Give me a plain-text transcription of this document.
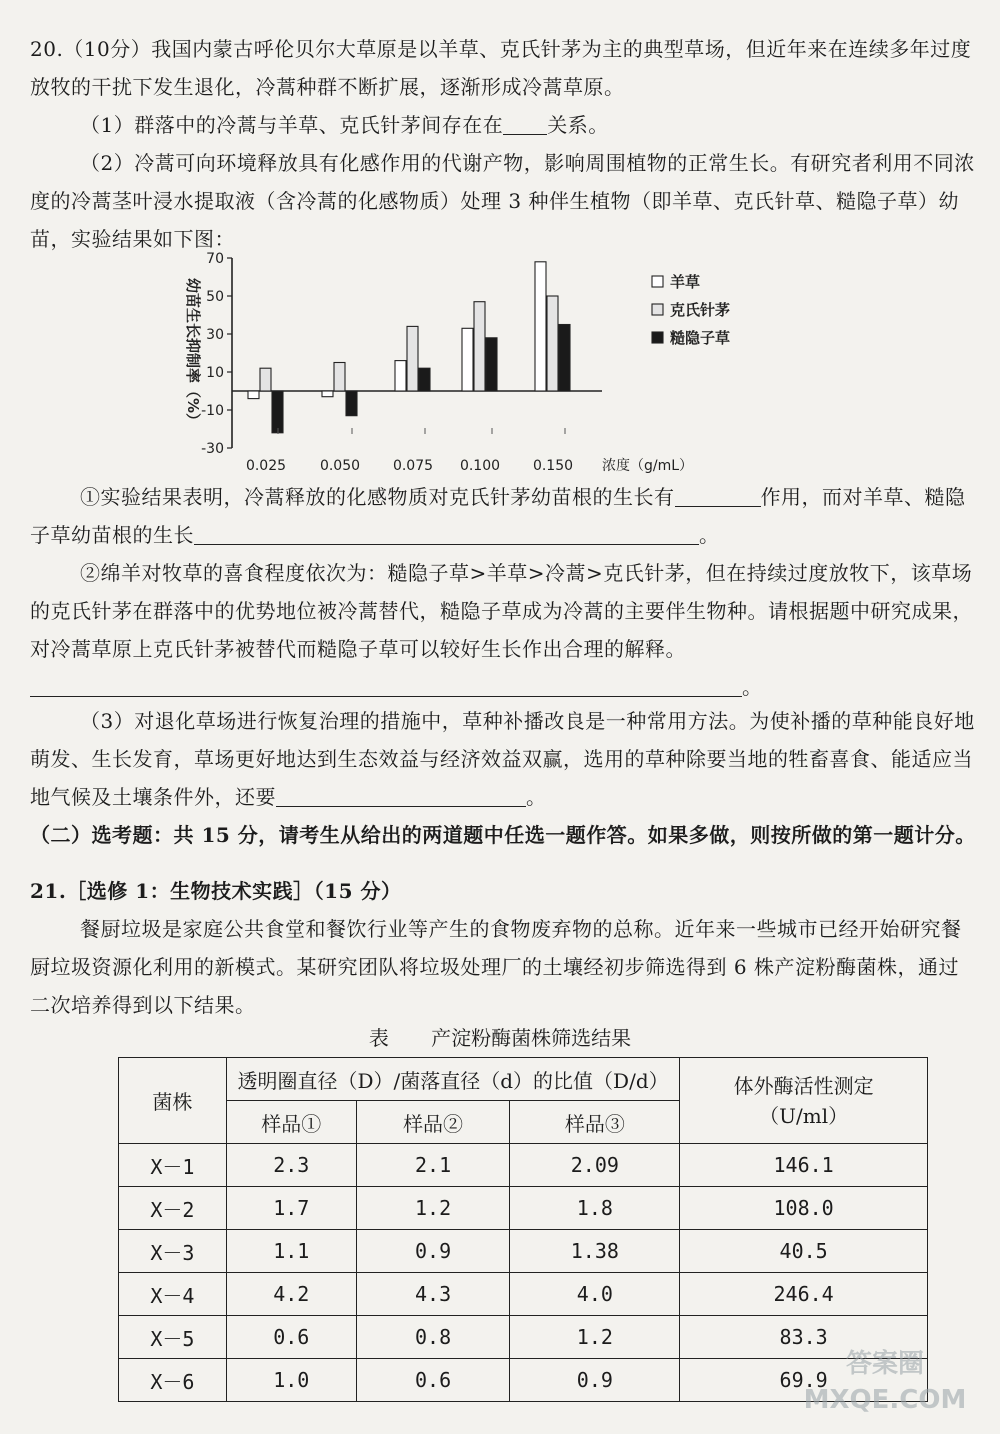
20.（10分）我国内蒙古呼伦贝尔大草原是以羊草、克氏针茅为主的典型草场，但近年来在连续多年过度放牧的干扰下发生退化，冷蒿种群不断扩展，逐渐形成冷蒿草原。
（1）群落中的冷蒿与羊草、克氏针茅间存在在 关系。
（2）冷蒿可向环境释放具有化感作用的代谢产物，影响周围植物的正常生长。有研究者利用不同浓度的冷蒿茎叶浸水提取液（含冷蒿的化感物质）处理 3 种伴生植物（即羊草、克氏针草、糙隐子草）幼苗，实验结果如下图：
70
50
30
10
-10
-30
幼苗生长抑制率（%）
0.025 0.050 0.075 0.100 0.150 浓度（g/mL）
羊草
克氏针茅
糙隐子草
①实验结果表明，冷蒿释放的化感物质对克氏针茅幼苗根的生长有	作用，而对羊草、糙隐子草幼苗根的生长	。
②绵羊对牧草的喜食程度依次为：糙隐子草>羊草>冷蒿>克氏针茅，但在持续过度放牧下，该草场的克氏针茅在群落中的优势地位被冷蒿替代，糙隐子草成为冷蒿的主要伴生物种。请根据题中研究成果，对冷蒿草原上克氏针茅被替代而糙隐子草可以较好生长作出合理的解释。。
（3）对退化草场进行恢复治理的措施中，草种补播改良是一种常用方法。为使补播的草种能良好地萌发、生长发育，草场更好地达到生态效益与经济效益双赢，选用的草种除要当地的牲畜喜食、能适应当地气候及土壤条件外，还要	。
（二）选考题：共 15 分，请考生从给出的两道题中任选一题作答。如果多做，则按所做的第一题计分。
21.［选修 1：生物技术实践］（15 分）
餐厨垃圾是家庭公共食堂和餐饮行业等产生的食物废弃物的总称。近年来一些城市已经开始研究餐厨垃圾资源化利用的新模式。某研究团队将垃圾处理厂的土壤经初步筛选得到 6 株产淀粉酶菌株，通过二次培养得到以下结果。
表 产淀粉酶菌株筛选结果
菌株	透明圈直径（D）/菌落直径（d）的比值（D/d）			体外酶活性测定
（U/ml）
	样品①	样品②	样品③	
X－1	2.3	2.1	2.09	146.1
X－2	1.7	1.2	1.8	108.0
X－3	1.1	0.9	1.38	40.5
X－4	4.2	4.3	4.0	246.4
X－5	0.6	0.8	1.2	83.3
X－6	1.0	0.6	0.9	69.9
答案圈
MXQE.COM
